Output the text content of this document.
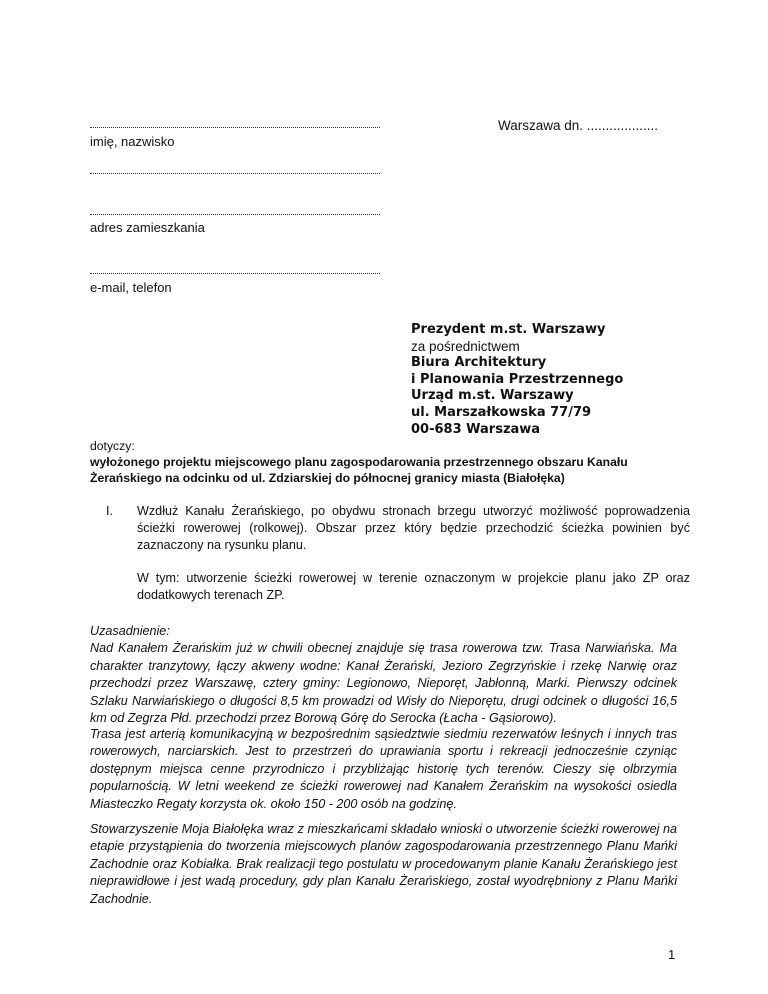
imię, nazwisko
adres zamieszkania
e-mail, telefon
Warszawa dn. ...................
Prezydent m.st. Warszawy
za pośrednictwem
Biura Architektury
i Planowania Przestrzennego
Urząd m.st. Warszawy
ul. Marszałkowska 77/79
00-683 Warszawa
dotyczy:
wyłożonego projektu miejscowego planu zagospodarowania przestrzennego obszaru Kanału
Żerańskiego na odcinku od ul. Zdziarskiej do północnej granicy miasta (Białołęka)
I. Wzdłuż Kanału Żerańskiego, po obydwu stronach brzegu utworzyć możliwość poprowadzenia ścieżki rowerowej (rolkowej). Obszar przez który będzie przechodzić ścieżka powinien być zaznaczony na rysunku planu.

W tym: utworzenie ścieżki rowerowej w terenie oznaczonym w projekcie planu jako ZP oraz dodatkowych terenach ZP.

Uzasadnienie:

Nad Kanałem Żerańskim już w chwili obecnej znajduje się trasa rowerowa tzw. Trasa Narwiańska. Ma charakter tranzytowy, łączy akweny wodne: Kanał Żerański, Jezioro Zegrzyńskie i rzekę Narwię oraz przechodzi przez Warszawę, cztery gminy: Legionowo, Nieporęt, Jabłonną, Marki. Pierwszy odcinek Szlaku Narwiańskiego o długości 8,5 km prowadzi od Wisły do Nieporętu, drugi odcinek o długości 16,5 km od Zegrza Płd. przechodzi przez Borową Górę do Serocka (Łacha - Gąsiorowo).

Trasa jest arterią komunikacyjną w bezpośrednim sąsiedztwie siedmiu rezerwatów leśnych i innych tras rowerowych, narciarskich. Jest to przestrzeń do uprawiania sportu i rekreacji jednocześnie czyniąc dostępnym miejsca cenne przyrodniczo i przybliżając historię tych terenów. Cieszy się olbrzymia popularnością. W letni weekend ze ścieżki rowerowej nad Kanałem Żerańskim na wysokości osiedla Miasteczko Regaty korzysta ok. około 150 - 200 osób na godzinę.

Stowarzyszenie Moja Białołęka wraz z mieszkańcami składało wnioski o utworzenie ścieżki rowerowej na etapie przystąpienia do tworzenia miejscowych planów zagospodarowania przestrzennego Planu Mańki Zachodnie oraz Kobiałka. Brak realizacji tego postulatu w procedowanym planie Kanału Żerańskiego jest nieprawidłowe i jest wadą procedury, gdy plan Kanału Żerańskiego, został wyodrębniony z Planu Mańki Zachodnie.

1
